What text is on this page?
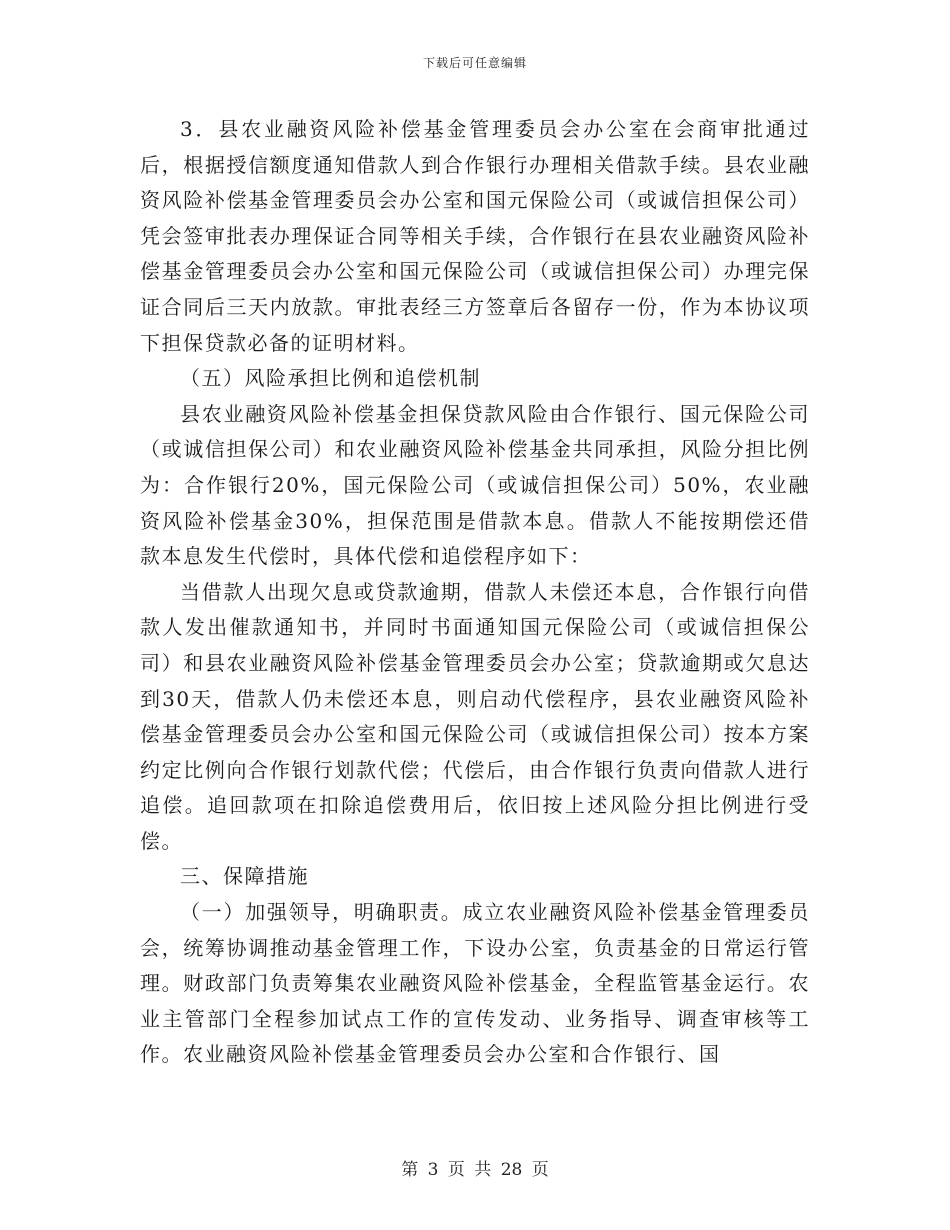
下载后可任意编辑

3．县农业融资风险补偿基金管理委员会办公室在会商审批通过后，根据授信额度通知借款人到合作银行办理相关借款手续。县农业融资风险补偿基金管理委员会办公室和国元保险公司（或诚信担保公司）凭会签审批表办理保证合同等相关手续，合作银行在县农业融资风险补偿基金管理委员会办公室和国元保险公司（或诚信担保公司）办理完保证合同后三天内放款。审批表经三方签章后各留存一份，作为本协议项下担保贷款必备的证明材料。

（五）风险承担比例和追偿机制

县农业融资风险补偿基金担保贷款风险由合作银行、国元保险公司（或诚信担保公司）和农业融资风险补偿基金共同承担，风险分担比例为：合作银行20%，国元保险公司（或诚信担保公司）50%，农业融资风险补偿基金30%，担保范围是借款本息。借款人不能按期偿还借款本息发生代偿时，具体代偿和追偿程序如下：

当借款人出现欠息或贷款逾期，借款人未偿还本息，合作银行向借款人发出催款通知书，并同时书面通知国元保险公司（或诚信担保公司）和县农业融资风险补偿基金管理委员会办公室；贷款逾期或欠息达到30天，借款人仍未偿还本息，则启动代偿程序，县农业融资风险补偿基金管理委员会办公室和国元保险公司（或诚信担保公司）按本方案约定比例向合作银行划款代偿；代偿后，由合作银行负责向借款人进行追偿。追回款项在扣除追偿费用后，依旧按上述风险分担比例进行受偿。

三、保障措施

（一）加强领导，明确职责。成立农业融资风险补偿基金管理委员会，统筹协调推动基金管理工作，下设办公室，负责基金的日常运行管理。财政部门负责筹集农业融资风险补偿基金，全程监管基金运行。农业主管部门全程参加试点工作的宣传发动、业务指导、调查审核等工作。农业融资风险补偿基金管理委员会办公室和合作银行、国

第 3 页 共 28 页
